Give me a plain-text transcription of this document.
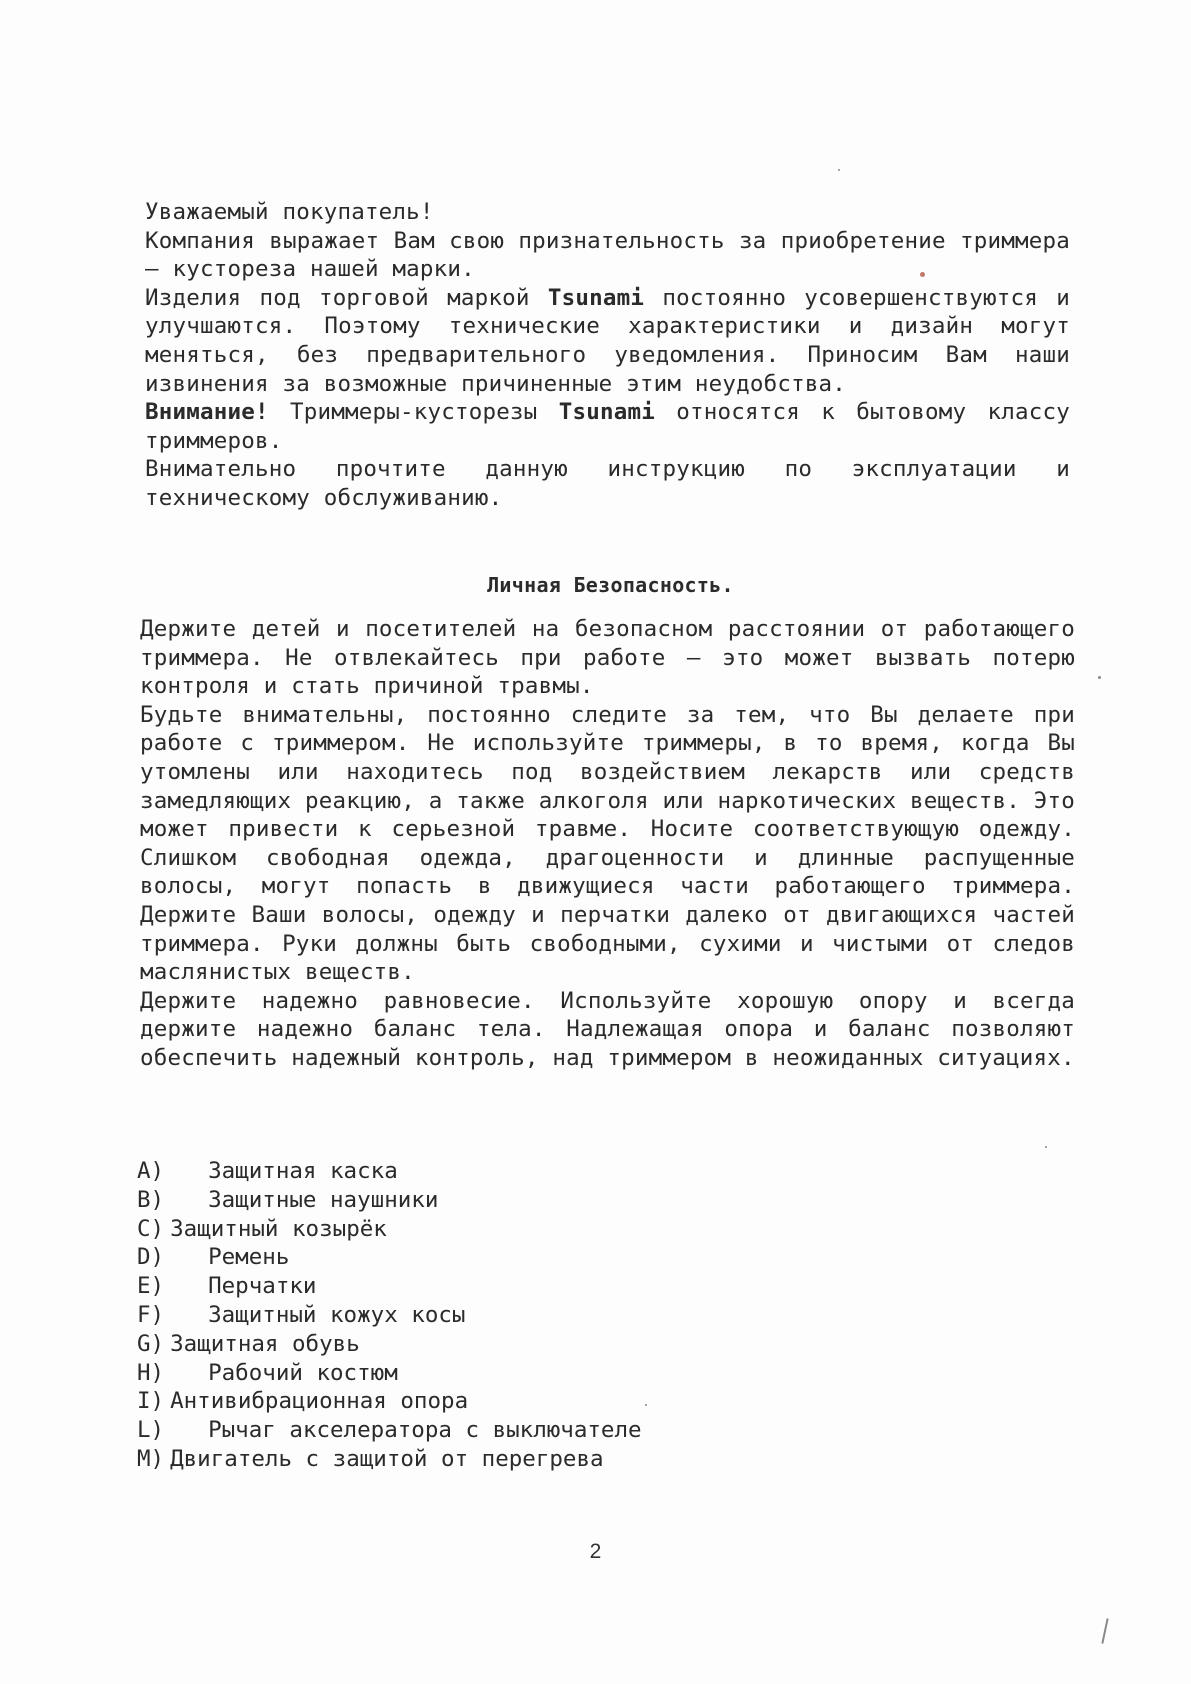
Уважаемый покупатель!

Компания выражает Вам свою признательность за приобретение триммера – кустореза нашей марки.

Изделия под торговой маркой Tsunami постоянно усовершенствуются и улучшаются. Поэтому технические характеристики и дизайн могут меняться, без предварительного уведомления. Приносим Вам наши извинения за возможные причиненные этим неудобства.

Внимание! Триммеры-кусторезы Tsunami относятся к бытовому классу триммеров.

Внимательно прочтите данную инструкцию по эксплуатации и техническому обслуживанию.

Личная Безопасность.

Держите детей и посетителей на безопасном расстоянии от работающего триммера. Не отвлекайтесь при работе – это может вызвать потерю контроля и стать причиной травмы.

Будьте внимательны, постоянно следите за тем, что Вы делаете при работе с триммером. Не используйте триммеры, в то время, когда Вы утомлены или находитесь под воздействием лекарств или средств замедляющих реакцию, а также алкоголя или наркотических веществ. Это может привести к серьезной травме. Носите соответствующую одежду. Слишком свободная одежда, драгоценности и длинные распущенные волосы, могут попасть в движущиеся части работающего триммера. Держите Ваши волосы, одежду и перчатки далеко от двигающихся частей триммера. Руки должны быть свободными, сухими и чистыми от следов маслянистых веществ.

Держите надежно равновесие. Используйте хорошую опору и всегда держите надежно баланс тела. Надлежащая опора и баланс позволяют обеспечить надежный контроль, над триммером в неожиданных ситуациях.

A) Защитная каска
B) Защитные наушники
C) Защитный козырёк
D) Ремень
E) Перчатки
F) Защитный кожух косы
G) Защитная обувь
H) Рабочий костюм
I) Антивибрационная опора
L) Рычаг акселератора с выключателе
M) Двигатель с защитой от перегрева
2
